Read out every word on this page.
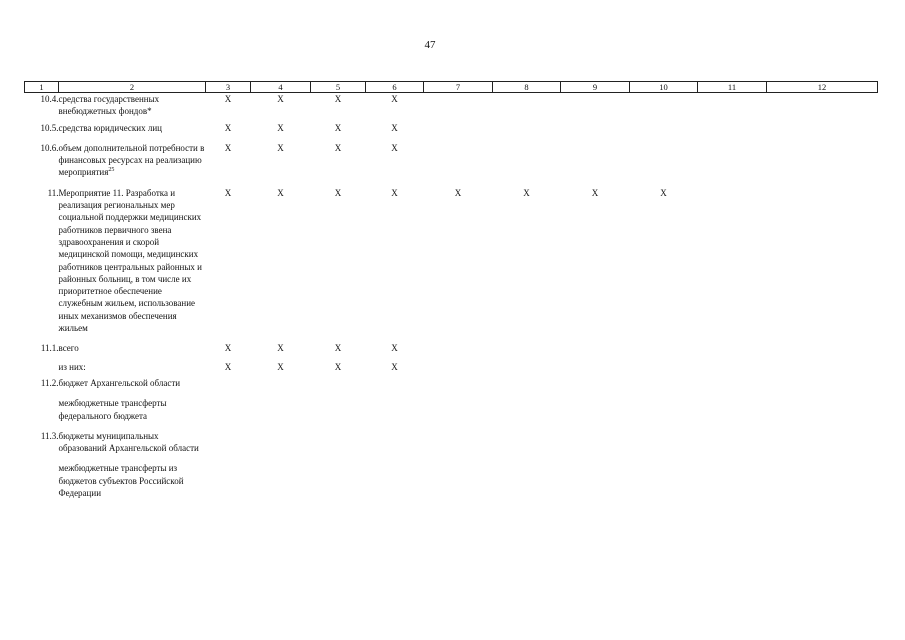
47
1	2	3	4	5	6	7	8	9	10	11	12	
10.4.	средства государственных внебюджетных фондов*	X	X	X	X							
10.5.	средства юридических лиц	X	X	X	X							
10.6.	объем дополнительной потребности в финансовых ресурсах на реализацию мероприятия$^{25}$	X	X	X	X							
11.	Мероприятие 11. Разработка и реализация региональных мер социальной поддержки медицинских работников первичного звена здравоохранения и скорой медицинской помощи, медицинских работников центральных районных и районных больниц, в том числе их приоритетное обеспечение служебным жильем, использование иных механизмов обеспечения жильем	X	X	X	X	X	X	X	X			
11.1.	всего	X	X	X	X							
	из них:	X	X	X	X							
11.2.	бюджет Архангельской области											
	межбюджетные трансферты федерального бюджета											
11.3.	бюджеты муниципальных образований Архангельской области											
	межбюджетные трансферты из бюджетов субъектов Российской Федерации											
